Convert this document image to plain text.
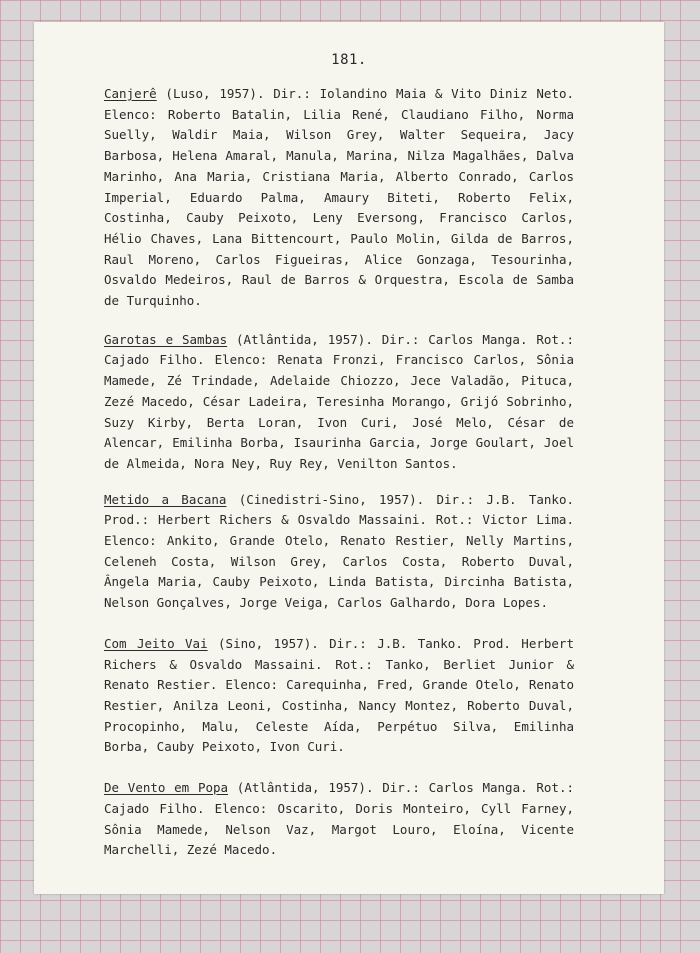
181.

Canjerê (Luso, 1957). Dir.: Iolandino Maia & Vito Diniz Neto. Elenco: Roberto Batalin, Lilia René, Claudiano Filho, Norma Suelly, Waldir Maia, Wilson Grey, Walter Sequeira, Jacy Barbosa, Helena Amaral, Manula, Marina, Nilza Magalhães, Dalva Marinho, Ana Maria, Cristiana Maria, Alberto Conrado, Carlos Imperial, Eduardo Palma, Amaury Biteti, Roberto Felix, Costinha, Cauby Peixoto, Leny Eversong, Francisco Carlos, Hélio Chaves, Lana Bittencourt, Paulo Molin, Gilda de Barros, Raul Moreno, Carlos Figueiras, Alice Gonzaga, Tesourinha, Osvaldo Medeiros, Raul de Barros & Orquestra, Escola de Samba de Turquinho.

Garotas e Sambas (Atlântida, 1957). Dir.: Carlos Manga. Rot.: Cajado Filho. Elenco: Renata Fronzi, Francisco Carlos, Sônia Mamede, Zé Trindade, Adelaide Chiozzo, Jece Valadão, Pituca, Zezé Macedo, César Ladeira, Teresinha Morango, Grijó Sobrinho, Suzy Kirby, Berta Loran, Ivon Curi, José Melo, César de Alencar, Emilinha Borba, Isaurinha Garcia, Jorge Goulart, Joel de Almeida, Nora Ney, Ruy Rey, Venilton Santos.

Metido a Bacana (Cinedistri-Sino, 1957). Dir.: J.B. Tanko. Prod.: Herbert Richers & Osvaldo Massaini. Rot.: Victor Lima. Elenco: Ankito, Grande Otelo, Renato Restier, Nelly Martins, Celeneh Costa, Wilson Grey, Carlos Costa, Roberto Duval, Ângela Maria, Cauby Peixoto, Linda Batista, Dircinha Batista, Nelson Gonçalves, Jorge Veiga, Carlos Galhardo, Dora Lopes.

Com Jeito Vai (Sino, 1957). Dir.: J.B. Tanko. Prod. Herbert Richers & Osvaldo Massaini. Rot.: Tanko, Berliet Junior & Renato Restier. Elenco: Carequinha, Fred, Grande Otelo, Renato Restier, Anilza Leoni, Costinha, Nancy Montez, Roberto Duval, Procopinho, Malu, Celeste Aída, Perpétuo Silva, Emilinha Borba, Cauby Peixoto, Ivon Curi.

De Vento em Popa (Atlântida, 1957). Dir.: Carlos Manga. Rot.: Cajado Filho. Elenco: Oscarito, Doris Monteiro, Cyll Farney, Sônia Mamede, Nelson Vaz, Margot Louro, Eloína, Vicente Marchelli, Zezé Macedo.
